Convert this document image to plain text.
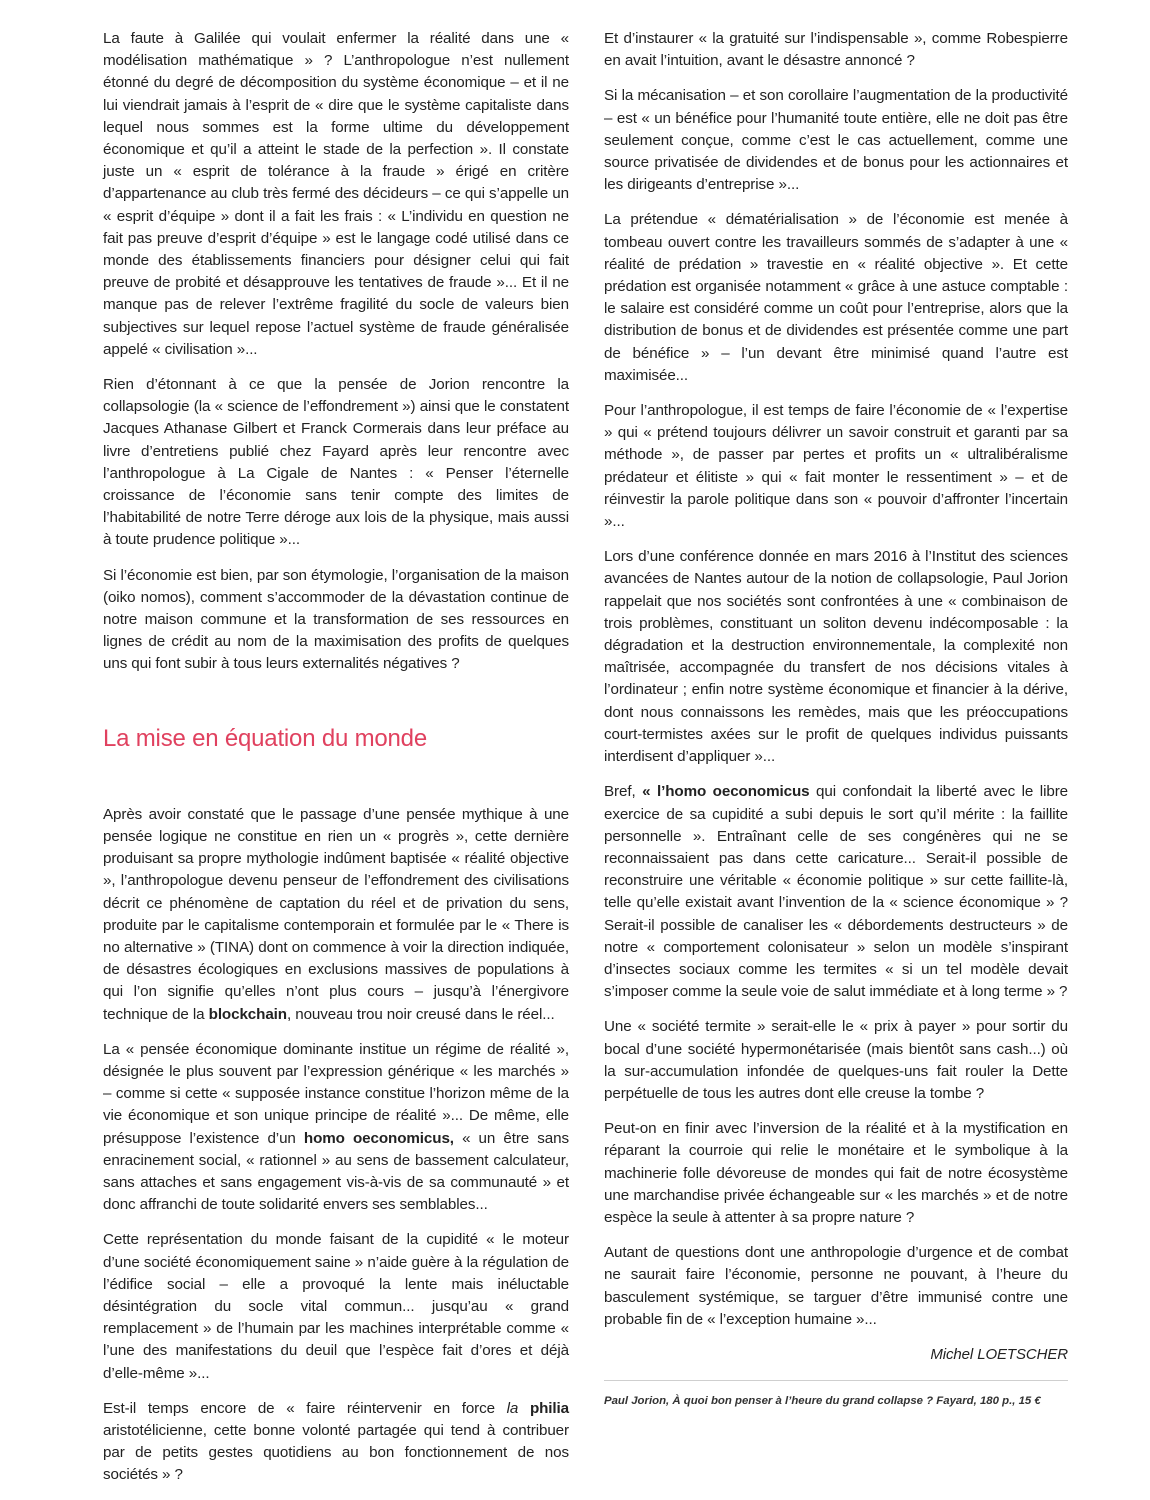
La faute à Galilée qui voulait enfermer la réalité dans une « modélisation mathématique » ? L’anthropologue n’est nullement étonné du degré de décomposition du système économique – et il ne lui viendrait jamais à l’esprit de « dire que le système capitaliste dans lequel nous sommes est la forme ultime du développement économique et qu’il a atteint le stade de la perfection ». Il constate juste un « esprit de tolérance à la fraude » érigé en critère d’appartenance au club très fermé des décideurs – ce qui s’appelle un « esprit d’équipe » dont il a fait les frais : « L’individu en question ne fait pas preuve d’esprit d’équipe » est le langage codé utilisé dans ce monde des établissements financiers pour désigner celui qui fait preuve de probité et désapprouve les tentatives de fraude »... Et il ne manque pas de relever l’extrême fragilité du socle de valeurs bien subjectives sur lequel repose l’actuel système de fraude généralisée appelé « civilisation »...

Rien d’étonnant à ce que la pensée de Jorion rencontre la collapsologie (la « science de l’effondrement ») ainsi que le constatent Jacques Athanase Gilbert et Franck Cormerais dans leur préface au livre d’entretiens publié chez Fayard après leur rencontre avec l’anthropologue à La Cigale de Nantes : « Penser l’éternelle croissance de l’économie sans tenir compte des limites de l’habitabilité de notre Terre déroge aux lois de la physique, mais aussi à toute prudence politique »...

Si l’économie est bien, par son étymologie, l’organisation de la maison (oiko nomos), comment s’accommoder de la dévastation continue de notre maison commune et la transformation de ses ressources en lignes de crédit au nom de la maximisation des profits de quelques uns qui font subir à tous leurs externalités négatives ?

La mise en équation du monde

Après avoir constaté que le passage d’une pensée mythique à une pensée logique ne constitue en rien un « progrès », cette dernière produisant sa propre mythologie indûment baptisée « réalité objective », l’anthropologue devenu penseur de l’effondrement des civilisations décrit ce phénomène de captation du réel et de privation du sens, produite par le capitalisme contemporain et formulée par le « There is no alternative » (TINA) dont on commence à voir la direction indiquée, de désastres écologiques en exclusions massives de populations à qui l’on signifie qu’elles n’ont plus cours – jusqu’à l’énergivore technique de la blockchain, nouveau trou noir creusé dans le réel...

La « pensée économique dominante institue un régime de réalité », désignée le plus souvent par l’expression générique « les marchés » – comme si cette « supposée instance constitue l’horizon même de la vie économique et son unique principe de réalité »... De même, elle présuppose l’existence d’un homo oeconomicus, « un être sans enracinement social, « rationnel » au sens de bassement calculateur, sans attaches et sans engagement vis-à-vis de sa communauté » et donc affranchi de toute solidarité envers ses semblables...

Cette représentation du monde faisant de la cupidité « le moteur d’une société économiquement saine » n’aide guère à la régulation de l’édifice social – elle a provoqué la lente mais inéluctable désintégration du socle vital commun... jusqu’au « grand remplacement » de l’humain par les machines interprétable comme « l’une des manifestations du deuil que l’espèce fait d’ores et déjà d’elle-même »...

Est-il temps encore de « faire réintervenir en force la philia aristotélicienne, cette bonne volonté partagée qui tend à contribuer par de petits gestes quotidiens au bon fonctionnement de nos sociétés » ?

Et d’instaurer « la gratuité sur l’indispensable », comme Robespierre en avait l’intuition, avant le désastre annoncé ?

Si la mécanisation – et son corollaire l’augmentation de la productivité – est « un bénéfice pour l’humanité toute entière, elle ne doit pas être seulement conçue, comme c’est le cas actuellement, comme une source privatisée de dividendes et de bonus pour les actionnaires et les dirigeants d’entreprise »...

La prétendue « dématérialisation » de l’économie est menée à tombeau ouvert contre les travailleurs sommés de s’adapter à une « réalité de prédation » travestie en « réalité objective ». Et cette prédation est organisée notamment « grâce à une astuce comptable : le salaire est considéré comme un coût pour l’entreprise, alors que la distribution de bonus et de dividendes est présentée comme une part de bénéfice » – l’un devant être minimisé quand l’autre est maximisée...

Pour l’anthropologue, il est temps de faire l’économie de « l’expertise » qui « prétend toujours délivrer un savoir construit et garanti par sa méthode », de passer par pertes et profits un « ultralibéralisme prédateur et élitiste » qui « fait monter le ressentiment » – et de réinvestir la parole politique dans son « pouvoir d’affronter l’incertain »...

Lors d’une conférence donnée en mars 2016 à l’Institut des sciences avancées de Nantes autour de la notion de collapsologie, Paul Jorion rappelait que nos sociétés sont confrontées à une « combinaison de trois problèmes, constituant un soliton devenu indécomposable : la dégradation et la destruction environnementale, la complexité non maîtrisée, accompagnée du transfert de nos décisions vitales à l’ordinateur ; enfin notre système économique et financier à la dérive, dont nous connaissons les remèdes, mais que les préoccupations court-termistes axées sur le profit de quelques individus puissants interdisent d’appliquer »...

Bref, « l’homo oeconomicus qui confondait la liberté avec le libre exercice de sa cupidité a subi depuis le sort qu’il mérite : la faillite personnelle ». Entraînant celle de ses congénères qui ne se reconnaissaient pas dans cette caricature... Serait-il possible de reconstruire une véritable « économie politique » sur cette faillite-là, telle qu’elle existait avant l’invention de la « science économique » ? Serait-il possible de canaliser les « débordements destructeurs » de notre « comportement colonisateur » selon un modèle s’inspirant d’insectes sociaux comme les termites « si un tel modèle devait s’imposer comme la seule voie de salut immédiate et à long terme » ?

Une « société termite » serait-elle le « prix à payer » pour sortir du bocal d’une société hypermonétarisée (mais bientôt sans cash...) où la sur-accumulation infondée de quelques-uns fait rouler la Dette perpétuelle de tous les autres dont elle creuse la tombe ?

Peut-on en finir avec l’inversion de la réalité et à la mystification en réparant la courroie qui relie le monétaire et le symbolique à la machinerie folle dévoreuse de mondes qui fait de notre écosystème une marchandise privée échangeable sur « les marchés » et de notre espèce la seule à attenter à sa propre nature ?

Autant de questions dont une anthropologie d’urgence et de combat ne saurait faire l’économie, personne ne pouvant, à l’heure du basculement systémique, se targuer d’être immunisé contre une probable fin de « l’exception humaine »...

Michel LOETSCHER
Paul Jorion, À quoi bon penser à l’heure du grand collapse ? Fayard, 180 p., 15 €
